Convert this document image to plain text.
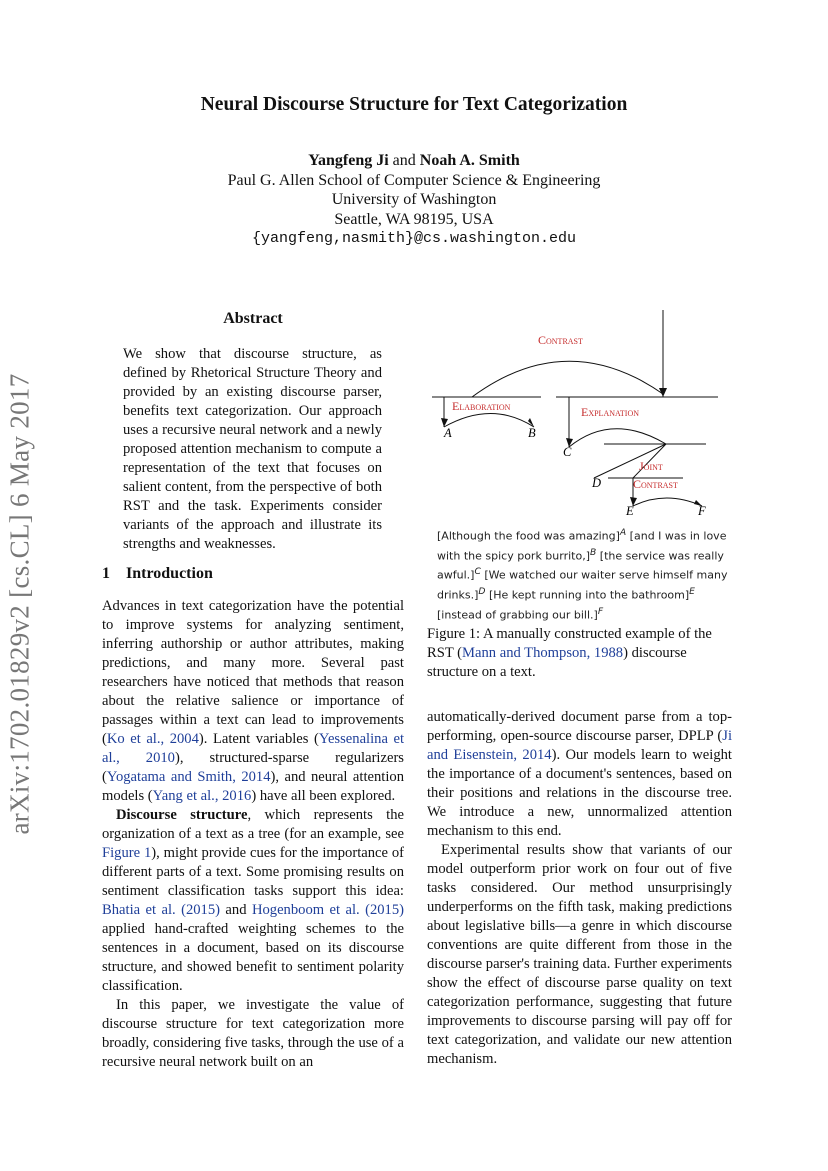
arXiv:1702.01829v2 [cs.CL] 6 May 2017
Neural Discourse Structure for Text Categorization
Yangfeng Ji and Noah A. Smith
Paul G. Allen School of Computer Science & Engineering
University of Washington
Seattle, WA 98195, USA
{yangfeng,nasmith}@cs.washington.edu
Abstract
We show that discourse structure, as defined by Rhetorical Structure Theory and provided by an existing discourse parser, benefits text categorization. Our approach uses a recursive neural network and a newly proposed attention mechanism to compute a representation of the text that focuses on salient content, from the perspective of both RST and the task. Experiments consider variants of the approach and illustrate its strengths and weaknesses.
1 Introduction

Advances in text categorization have the potential to improve systems for analyzing sentiment, inferring authorship or author attributes, making predictions, and many more. Several past researchers have noticed that methods that reason about the relative salience or importance of passages within a text can lead to improvements (Ko et al., 2004). Latent variables (Yessenalina et al., 2010), structured-sparse regularizers (Yogatama and Smith, 2014), and neural attention models (Yang et al., 2016) have all been explored.

Discourse structure, which represents the organization of a text as a tree (for an example, see Figure 1), might provide cues for the importance of different parts of a text. Some promising results on sentiment classification tasks support this idea: Bhatia et al. (2015) and Hogenboom et al. (2015) applied hand-crafted weighting schemes to the sentences in a document, based on its discourse structure, and showed benefit to sentiment polarity classification.

In this paper, we investigate the value of discourse structure for text categorization more broadly, considering five tasks, through the use of a recursive neural network built on an

Contrast
Elaboration	Explanation
Joint
Contrast
A	B
C
D
E	F
[Although the food was amazing]$^A$ [and I was in love with the spicy pork burrito,]$^B$ [the service was really awful.]$^C$ [We watched our waiter serve himself many drinks.]$^D$ [He kept running into the bathroom]$^E$ [instead of grabbing our bill.]$^F$
Figure 1: A manually constructed example of the RST (Mann and Thompson, 1988) discourse structure on a text.

automatically-derived document parse from a top-performing, open-source discourse parser, DPLP (Ji and Eisenstein, 2014). Our models learn to weight the importance of a document's sentences, based on their positions and relations in the discourse tree. We introduce a new, unnormalized attention mechanism to this end.

Experimental results show that variants of our model outperform prior work on four out of five tasks considered. Our method unsurprisingly underperforms on the fifth task, making predictions about legislative bills—a genre in which discourse conventions are quite different from those in the discourse parser's training data. Further experiments show the effect of discourse parse quality on text categorization performance, suggesting that future improvements to discourse parsing will pay off for text categorization, and validate our new attention mechanism.
